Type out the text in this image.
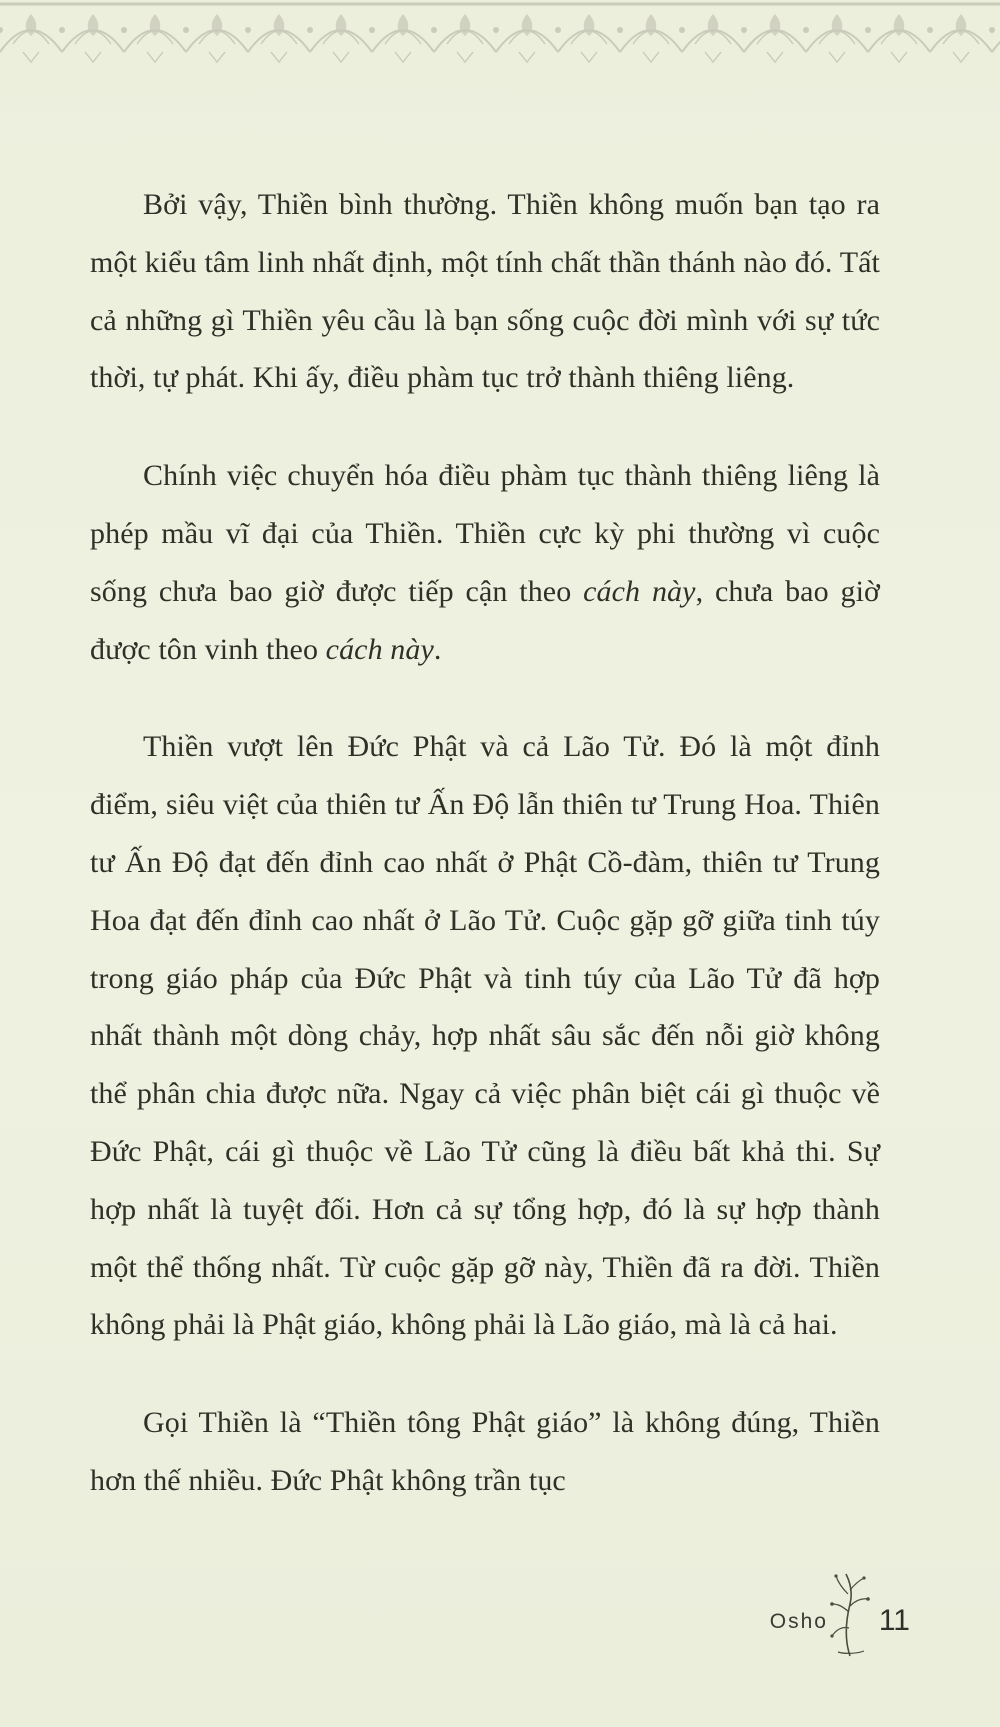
Bởi vậy, Thiền bình thường. Thiền không muốn bạn tạo ra một kiểu tâm linh nhất định, một tính chất thần thánh nào đó. Tất cả những gì Thiền yêu cầu là bạn sống cuộc đời mình với sự tức thời, tự phát. Khi ấy, điều phàm tục trở thành thiêng liêng.

Chính việc chuyển hóa điều phàm tục thành thiêng liêng là phép mầu vĩ đại của Thiền. Thiền cực kỳ phi thường vì cuộc sống chưa bao giờ được tiếp cận theo cách này, chưa bao giờ được tôn vinh theo cách này.

Thiền vượt lên Đức Phật và cả Lão Tử. Đó là một đỉnh điểm, siêu việt của thiên tư Ấn Độ lẫn thiên tư Trung Hoa. Thiên tư Ấn Độ đạt đến đỉnh cao nhất ở Phật Cồ-đàm, thiên tư Trung Hoa đạt đến đỉnh cao nhất ở Lão Tử. Cuộc gặp gỡ giữa tinh túy trong giáo pháp của Đức Phật và tinh túy của Lão Tử đã hợp nhất thành một dòng chảy, hợp nhất sâu sắc đến nỗi giờ không thể phân chia được nữa. Ngay cả việc phân biệt cái gì thuộc về Đức Phật, cái gì thuộc về Lão Tử cũng là điều bất khả thi. Sự hợp nhất là tuyệt đối. Hơn cả sự tổng hợp, đó là sự hợp thành một thể thống nhất. Từ cuộc gặp gỡ này, Thiền đã ra đời. Thiền không phải là Phật giáo, không phải là Lão giáo, mà là cả hai.

Gọi Thiền là “Thiền tông Phật giáo” là không đúng, Thiền hơn thế nhiều. Đức Phật không trần tục

Osho 11
